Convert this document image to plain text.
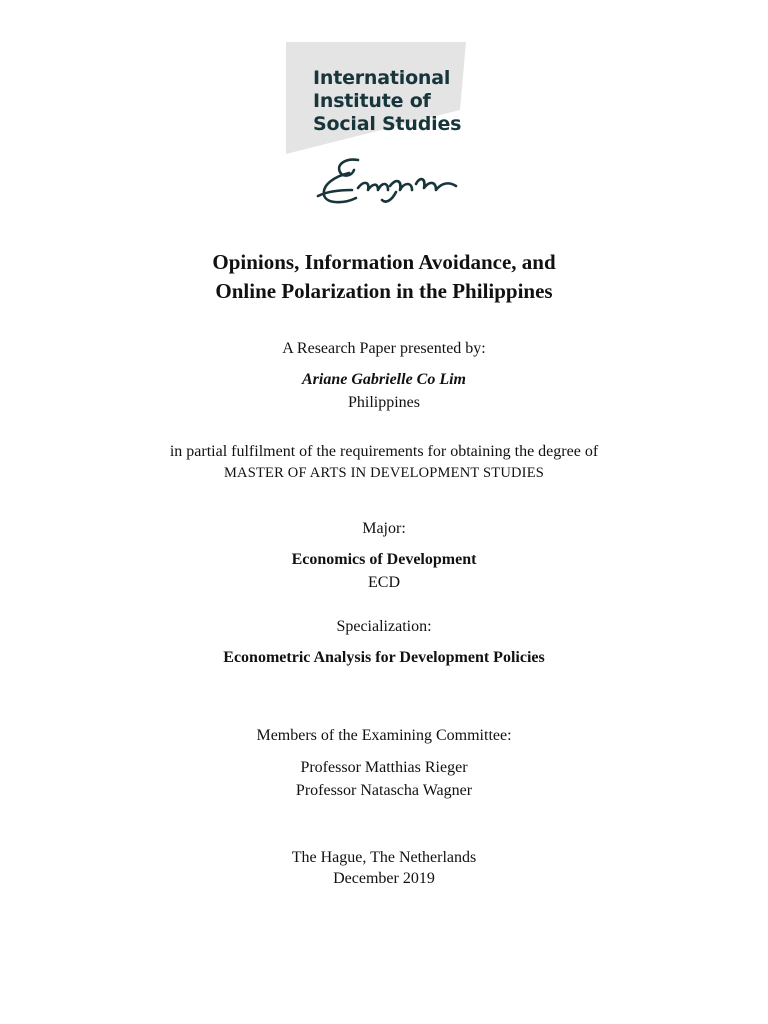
International
Institute of
Social Studies
Opinions, Information Avoidance, and
Online Polarization in the Philippines
A Research Paper presented by:
Ariane Gabrielle Co Lim
Philippines
in partial fulfilment of the requirements for obtaining the degree of
MASTER OF ARTS IN DEVELOPMENT STUDIES
Major:
Economics of Development
ECD
Specialization:
Econometric Analysis for Development Policies
Members of the Examining Committee:
Professor Matthias Rieger
Professor Natascha Wagner
The Hague, The Netherlands
December 2019
